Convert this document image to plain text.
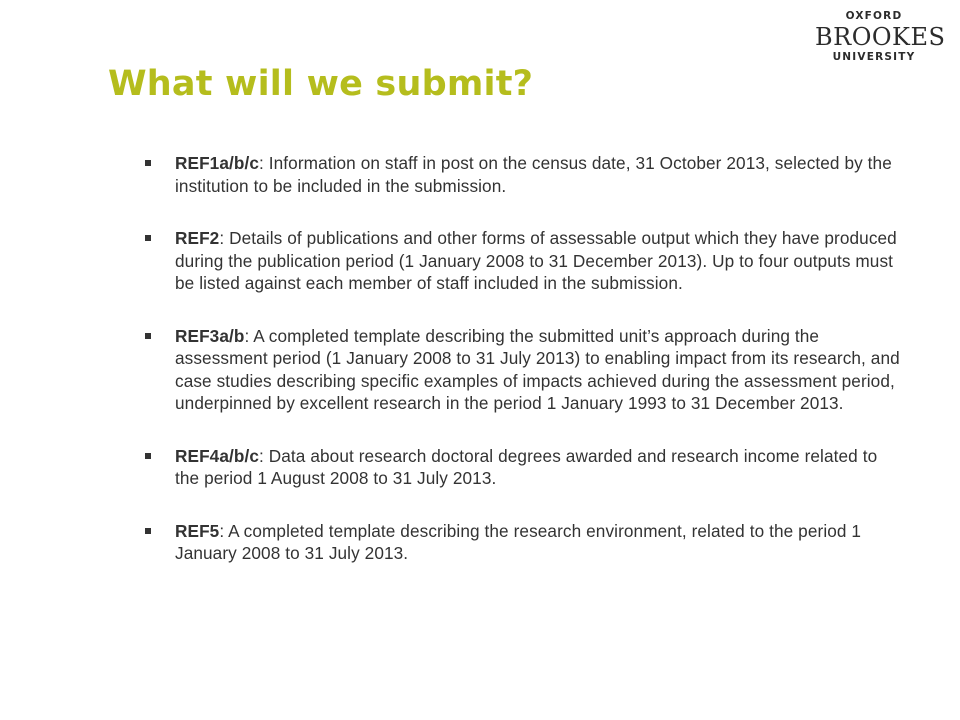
What will we submit?
OXFORD
BROOKES
UNIVERSITY
REF1a/b/c: Information on staff in post on the census date, 31 October 2013, selected by the institution to be included in the submission.
REF2: Details of publications and other forms of assessable output which they have produced during the publication period (1 January 2008 to 31 December 2013). Up to four outputs must be listed against each member of staff included in the submission.
REF3a/b: A completed template describing the submitted unit’s approach during the assessment period (1 January 2008 to 31 July 2013) to enabling impact from its research, and case studies describing specific examples of impacts achieved during the assessment period, underpinned by excellent research in the period 1 January 1993 to 31 December 2013.
REF4a/b/c: Data about research doctoral degrees awarded and research income related to the period 1 August 2008 to 31 July 2013.
REF5: A completed template describing the research environment, related to the period 1 January 2008 to 31 July 2013.
